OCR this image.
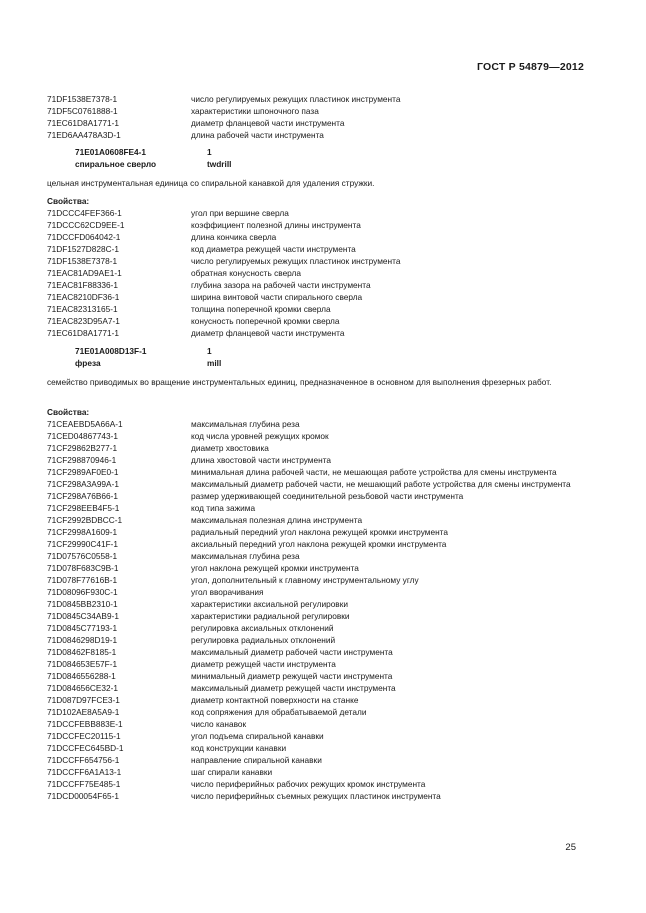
ГОСТ Р 54879—2012
71DF1538E7378-1	число регулируемых режущих пластинок инструмента
71DF5C0761888-1	характеристики шпоночного паза
71EC61D8A1771-1	диаметр фланцевой части инструмента
71ED6AA478A3D-1	длина рабочей части инструмента
71E01A0608FE4-1	1
спиральное сверло	twdrill
цельная инструментальная единица со спиральной канавкой для удаления стружки.
Свойства:
71DCCC4FEF366-1	угол при вершине сверла
71DCCC62CD9EE-1	коэффициент полезной длины инструмента
71DCCFD064042-1	длина кончика сверла
71DF1527D828C-1	код диаметра режущей части инструмента
71DF1538E7378-1	число регулируемых режущих пластинок инструмента
71EAC81AD9AE1-1	обратная конусность сверла
71EAC81F88336-1	глубина зазора на рабочей части инструмента
71EAC8210DF36-1	ширина винтовой части спирального сверла
71EAC82313165-1	толщина поперечной кромки сверла
71EAC823D95A7-1	конусность поперечной кромки сверла
71EC61D8A1771-1	диаметр фланцевой части инструмента
71E01A008D13F-1	1
фреза	mill
семейство приводимых во вращение инструментальных единиц, предназначенное в основном для выполнения фрезерных работ.
Свойства:
71CEAEBD5A66A-1	максимальная глубина реза
71CED04867743-1	код числа уровней режущих кромок
71CF29862B277-1	диаметр хвостовика
71CF298870946-1	длина хвостовой части инструмента
71CF2989AF0E0-1	минимальная длина рабочей части, не мешающая работе устройства для смены инструмента
71CF298A3A99A-1	максимальный диаметр рабочей части, не мешающий работе устройства для смены инструмента
71CF298A76B66-1	размер удерживающей соединительной резьбовой части инструмента
71CF298EEB4F5-1	код типа зажима
71CF2992BDBCC-1	максимальная полезная длина инструмента
71CF2998A1609-1	радиальный передний угол наклона режущей кромки инструмента
71CF29990C41F-1	аксиальный передний угол наклона режущей кромки инструмента
71D07576C0558-1	максимальная глубина реза
71D078F683C9B-1	угол наклона режущей кромки инструмента
71D078F77616B-1	угол, дополнительный к главному инструментальному углу
71D08096F930C-1	угол вворачивания
71D0845BB2310-1	характеристики аксиальной регулировки
71D0845C34AB9-1	характеристики радиальной регулировки
71D0845C77193-1	регулировка аксиальных отклонений
71D0846298D19-1	регулировка радиальных отклонений
71D08462F8185-1	максимальный диаметр рабочей части инструмента
71D084653E57F-1	диаметр режущей части инструмента
71D0846556288-1	минимальный диаметр режущей части инструмента
71D084656CE32-1	максимальный диаметр режущей части инструмента
71D087D97FCE3-1	диаметр контактной поверхности на станке
71D102AE8A5A9-1	код сопряжения для обрабатываемой детали
71DCCFEBB883E-1	число канавок
71DCCFEC20115-1	угол подъема спиральной канавки
71DCCFEC645BD-1	код конструкции канавки
71DCCFF654756-1	направление спиральной канавки
71DCCFF6A1A13-1	шаг спирали канавки
71DCCFF75E485-1	число периферийных рабочих режущих кромок инструмента
71DCD00054F65-1	число периферийных съемных режущих пластинок инструмента
25
